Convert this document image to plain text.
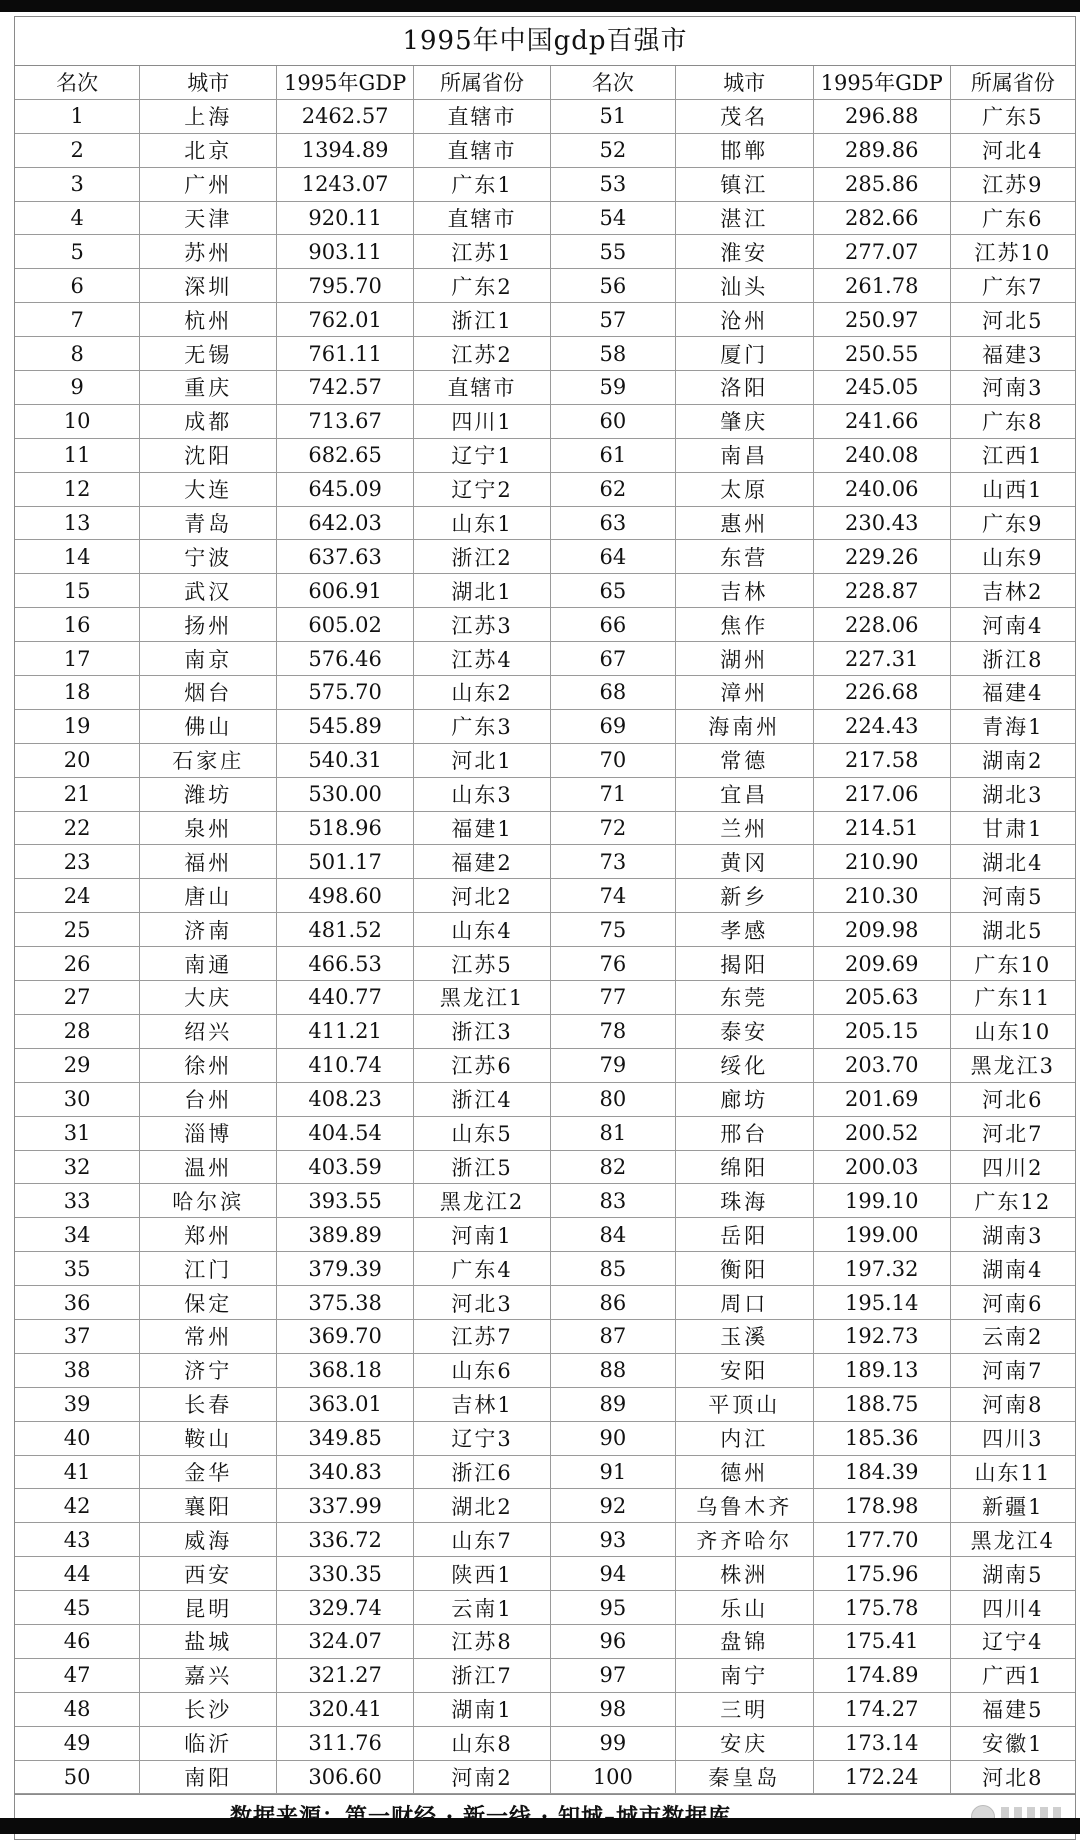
1995年中国gdp百强市
名次	城市	1995年GDP	所属省份	名次	城市	1995年GDP	所属省份
1	上海	2462.57	直辖市	51	茂名	296.88	广东5
2	北京	1394.89	直辖市	52	邯郸	289.86	河北4
3	广州	1243.07	广东1	53	镇江	285.86	江苏9
4	天津	920.11	直辖市	54	湛江	282.66	广东6
5	苏州	903.11	江苏1	55	淮安	277.07	江苏10
6	深圳	795.70	广东2	56	汕头	261.78	广东7
7	杭州	762.01	浙江1	57	沧州	250.97	河北5
8	无锡	761.11	江苏2	58	厦门	250.55	福建3
9	重庆	742.57	直辖市	59	洛阳	245.05	河南3
10	成都	713.67	四川1	60	肇庆	241.66	广东8
11	沈阳	682.65	辽宁1	61	南昌	240.08	江西1
12	大连	645.09	辽宁2	62	太原	240.06	山西1
13	青岛	642.03	山东1	63	惠州	230.43	广东9
14	宁波	637.63	浙江2	64	东营	229.26	山东9
15	武汉	606.91	湖北1	65	吉林	228.87	吉林2
16	扬州	605.02	江苏3	66	焦作	228.06	河南4
17	南京	576.46	江苏4	67	湖州	227.31	浙江8
18	烟台	575.70	山东2	68	漳州	226.68	福建4
19	佛山	545.89	广东3	69	海南州	224.43	青海1
20	石家庄	540.31	河北1	70	常德	217.58	湖南2
21	潍坊	530.00	山东3	71	宜昌	217.06	湖北3
22	泉州	518.96	福建1	72	兰州	214.51	甘肃1
23	福州	501.17	福建2	73	黄冈	210.90	湖北4
24	唐山	498.60	河北2	74	新乡	210.30	河南5
25	济南	481.52	山东4	75	孝感	209.98	湖北5
26	南通	466.53	江苏5	76	揭阳	209.69	广东10
27	大庆	440.77	黑龙江1	77	东莞	205.63	广东11
28	绍兴	411.21	浙江3	78	泰安	205.15	山东10
29	徐州	410.74	江苏6	79	绥化	203.70	黑龙江3
30	台州	408.23	浙江4	80	廊坊	201.69	河北6
31	淄博	404.54	山东5	81	邢台	200.52	河北7
32	温州	403.59	浙江5	82	绵阳	200.03	四川2
33	哈尔滨	393.55	黑龙江2	83	珠海	199.10	广东12
34	郑州	389.89	河南1	84	岳阳	199.00	湖南3
35	江门	379.39	广东4	85	衡阳	197.32	湖南4
36	保定	375.38	河北3	86	周口	195.14	河南6
37	常州	369.70	江苏7	87	玉溪	192.73	云南2
38	济宁	368.18	山东6	88	安阳	189.13	河南7
39	长春	363.01	吉林1	89	平顶山	188.75	河南8
40	鞍山	349.85	辽宁3	90	内江	185.36	四川3
41	金华	340.83	浙江6	91	德州	184.39	山东11
42	襄阳	337.99	湖北2	92	乌鲁木齐	178.98	新疆1
43	威海	336.72	山东7	93	齐齐哈尔	177.70	黑龙江4
44	西安	330.35	陕西1	94	株洲	175.96	湖南5
45	昆明	329.74	云南1	95	乐山	175.78	四川4
46	盐城	324.07	江苏8	96	盘锦	175.41	辽宁4
47	嘉兴	321.27	浙江7	97	南宁	174.89	广西1
48	长沙	320.41	湖南1	98	三明	174.27	福建5
49	临沂	311.76	山东8	99	安庆	173.14	安徽1
50	南阳	306.60	河南2	100	秦皇岛	172.24	河北8
